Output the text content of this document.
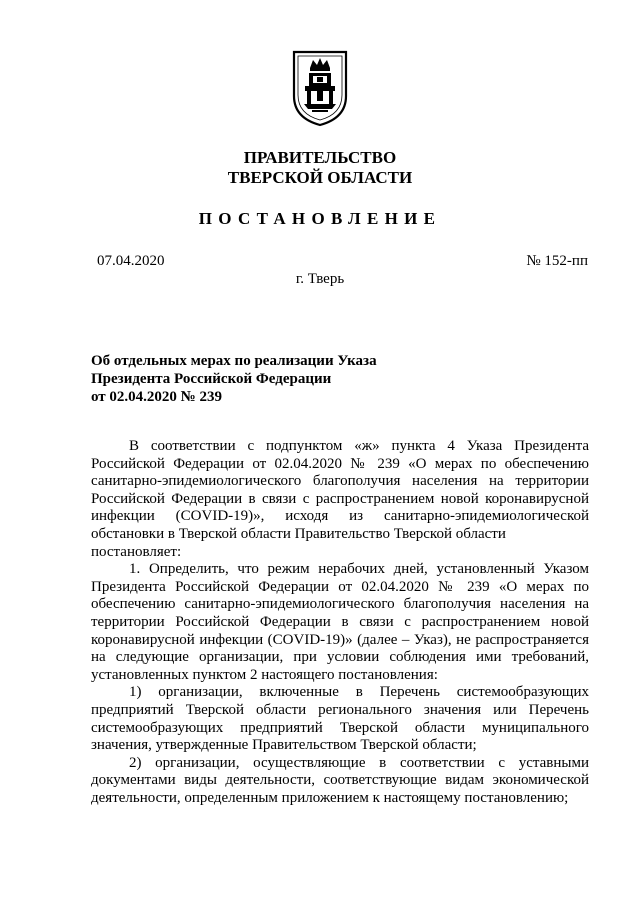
ПРАВИТЕЛЬСТВО
ТВЕРСКОЙ ОБЛАСТИ
ПОСТАНОВЛЕНИЕ
07.04.2020	№ 152-пп
г. Тверь
Об отдельных мерах по реализации Указа
Президента Российской Федерации
от 02.04.2020 № 239

В соответствии с подпунктом «ж» пункта 4 Указа Президента Российской Федерации от 02.04.2020 № 239 «О мерах по обеспечению санитарно-эпидемиологического благополучия населения на территории Российской Федерации в связи с распространением новой коронавирусной инфекции (COVID-19)», исходя из санитарно-эпидемиологической обстановки в Тверской области Правительство Тверской области

постановляет:

1. Определить, что режим нерабочих дней, установленный Указом Президента Российской Федерации от 02.04.2020 № 239 «О мерах по обеспечению санитарно-эпидемиологического благополучия населения на территории Российской Федерации в связи с распространением новой коронавирусной инфекции (COVID-19)» (далее – Указ), не распространяется на следующие организации, при условии соблюдения ими требований, установленных пунктом 2 настоящего постановления:

1) организации, включенные в Перечень системообразующих предприятий Тверской области регионального значения или Перечень системообразующих предприятий Тверской области муниципального значения, утвержденные Правительством Тверской области;

2) организации, осуществляющие в соответствии с уставными документами виды деятельности, соответствующие видам экономической деятельности, определенным приложением к настоящему постановлению;
